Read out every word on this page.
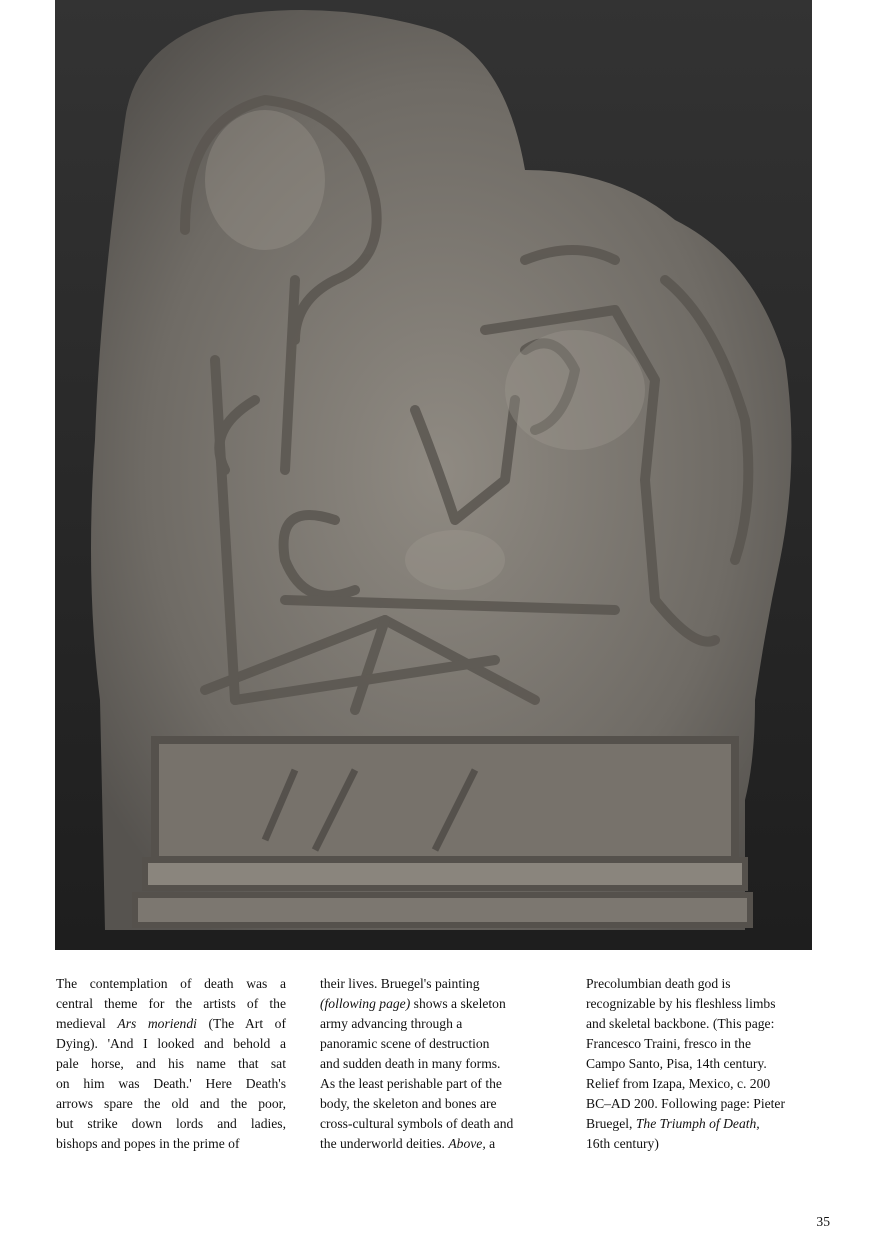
The contemplation of death was a
central theme for the artists of the
medieval Ars moriendi (The Art of
Dying). 'And I looked and behold a
pale horse, and his name that sat
on him was Death.' Here Death's
arrows spare the old and the poor,
but strike down lords and ladies,
bishops and popes in the prime of
their lives. Bruegel's painting
(following page) shows a skeleton
army advancing through a
panoramic scene of destruction
and sudden death in many forms.
As the least perishable part of the
body, the skeleton and bones are
cross-cultural symbols of death and
the underworld deities. Above, a
Precolumbian death god is
recognizable by his fleshless limbs
and skeletal backbone. (This page:
Francesco Traini, fresco in the
Campo Santo, Pisa, 14th century.
Relief from Izapa, Mexico, c. 200
BC–AD 200. Following page: Pieter
Bruegel, The Triumph of Death,
16th century)
35
